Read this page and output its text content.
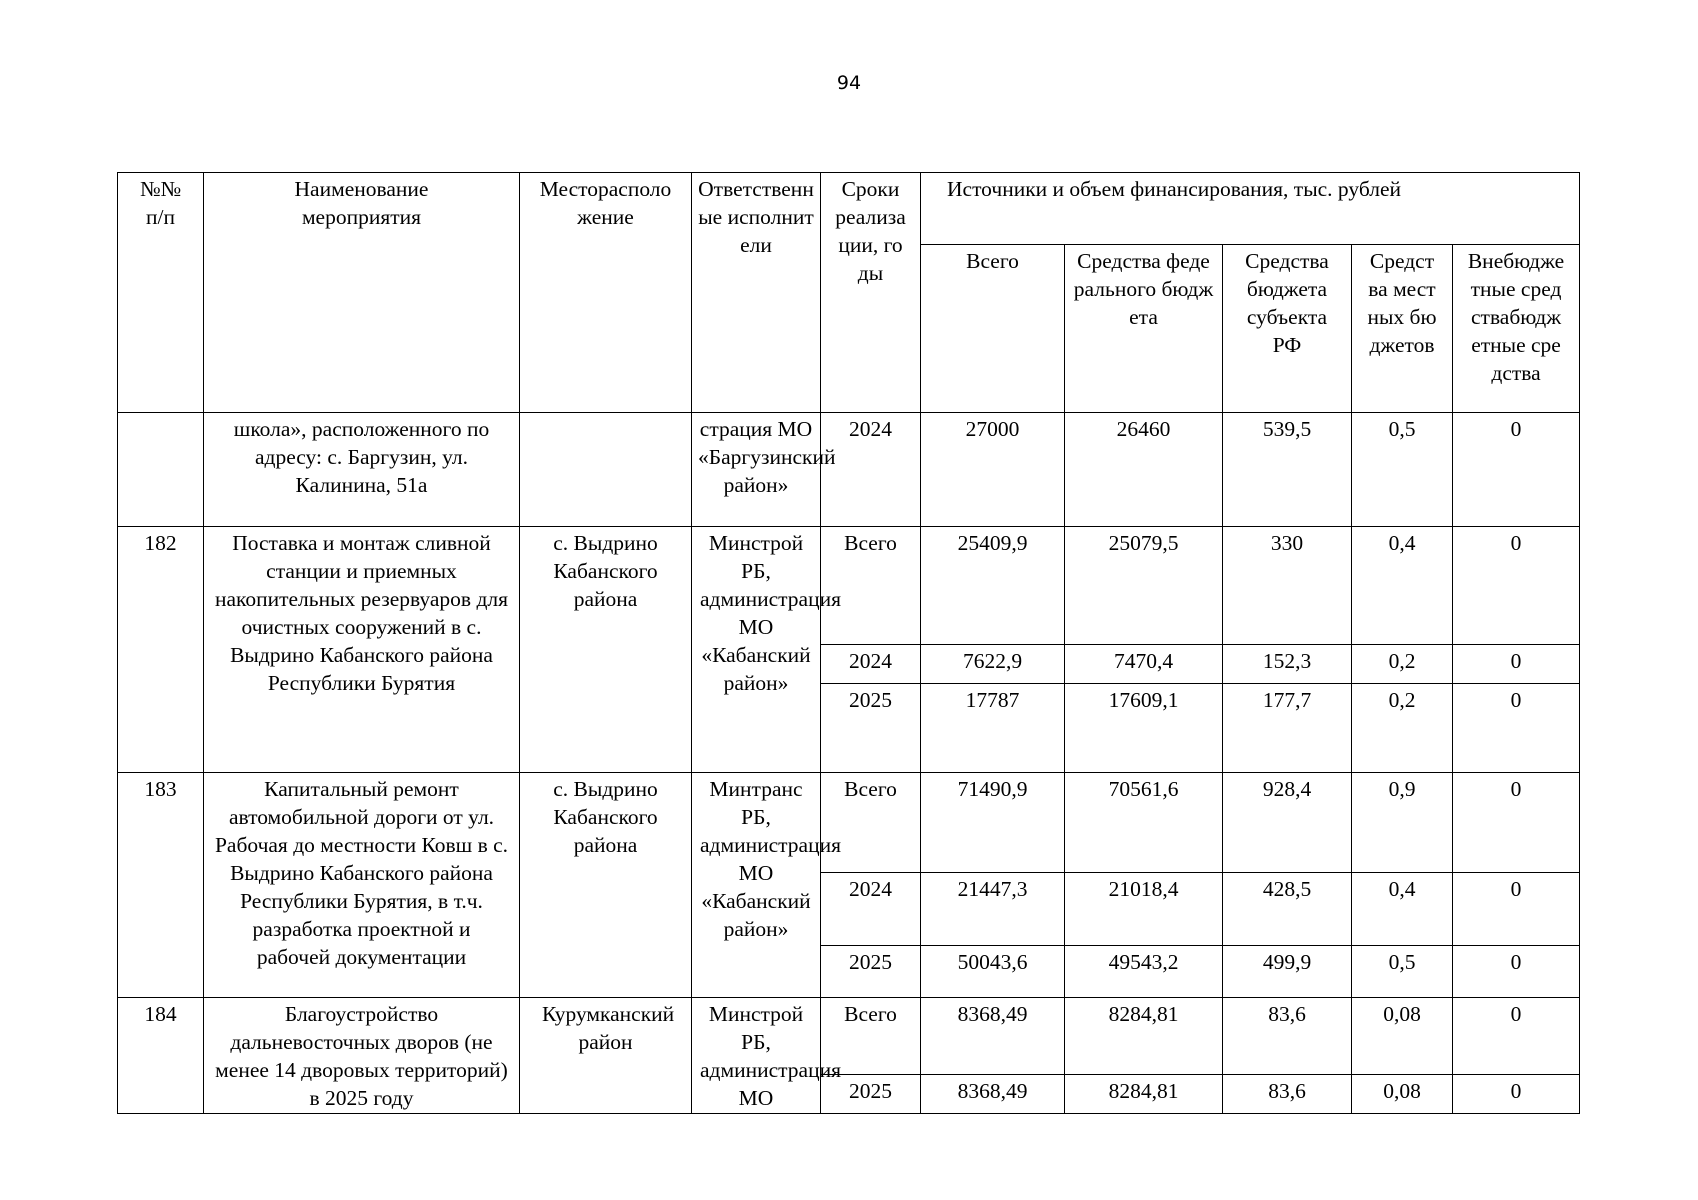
94
№№ п/п	Наименование мероприятия	Месторасположение	Ответственные исполнители	Сроки реализации, годы	Источники и объем финансирования, тыс. рублей				
					Всего	Средства федерального бюджета	Средства бюджета субъекта РФ	Средства местных бюджетов	Внебюджетные средствабюджетные средства
	школа», расположенного по адресу: с. Баргузин, ул. Калинина, 51а		страция МО «Баргузинский район»	2024	27000	26460	539,5	0,5	0
182	Поставка и монтаж сливной станции и приемных накопительных резервуаров для очистных сооружений в с. Выдрино Кабанского района Республики Бурятия	с. Выдрино Кабанского района	Минстрой РБ, администрация МО «Кабанский район»	Всего	25409,9	25079,5	330	0,4	0
				2024	7622,9	7470,4	152,3	0,2	0
				2025	17787	17609,1	177,7	0,2	0
183	Капитальный ремонт автомобильной дороги от ул. Рабочая до местности Ковш в с. Выдрино Кабанского района Республики Бурятия, в т.ч. разработка проектной и рабочей документации	с. Выдрино Кабанского района	Минтранс РБ, администрация МО «Кабанский район»	Всего	71490,9	70561,6	928,4	0,9	0
				2024	21447,3	21018,4	428,5	0,4	0
				2025	50043,6	49543,2	499,9	0,5	0
184	Благоустройство дальневосточных дворов (не менее 14 дворовых территорий) в 2025 году	Курумканский район	Минстрой РБ, администрация МО	Всего	8368,49	8284,81	83,6	0,08	0
				2025	8368,49	8284,81	83,6	0,08	0
